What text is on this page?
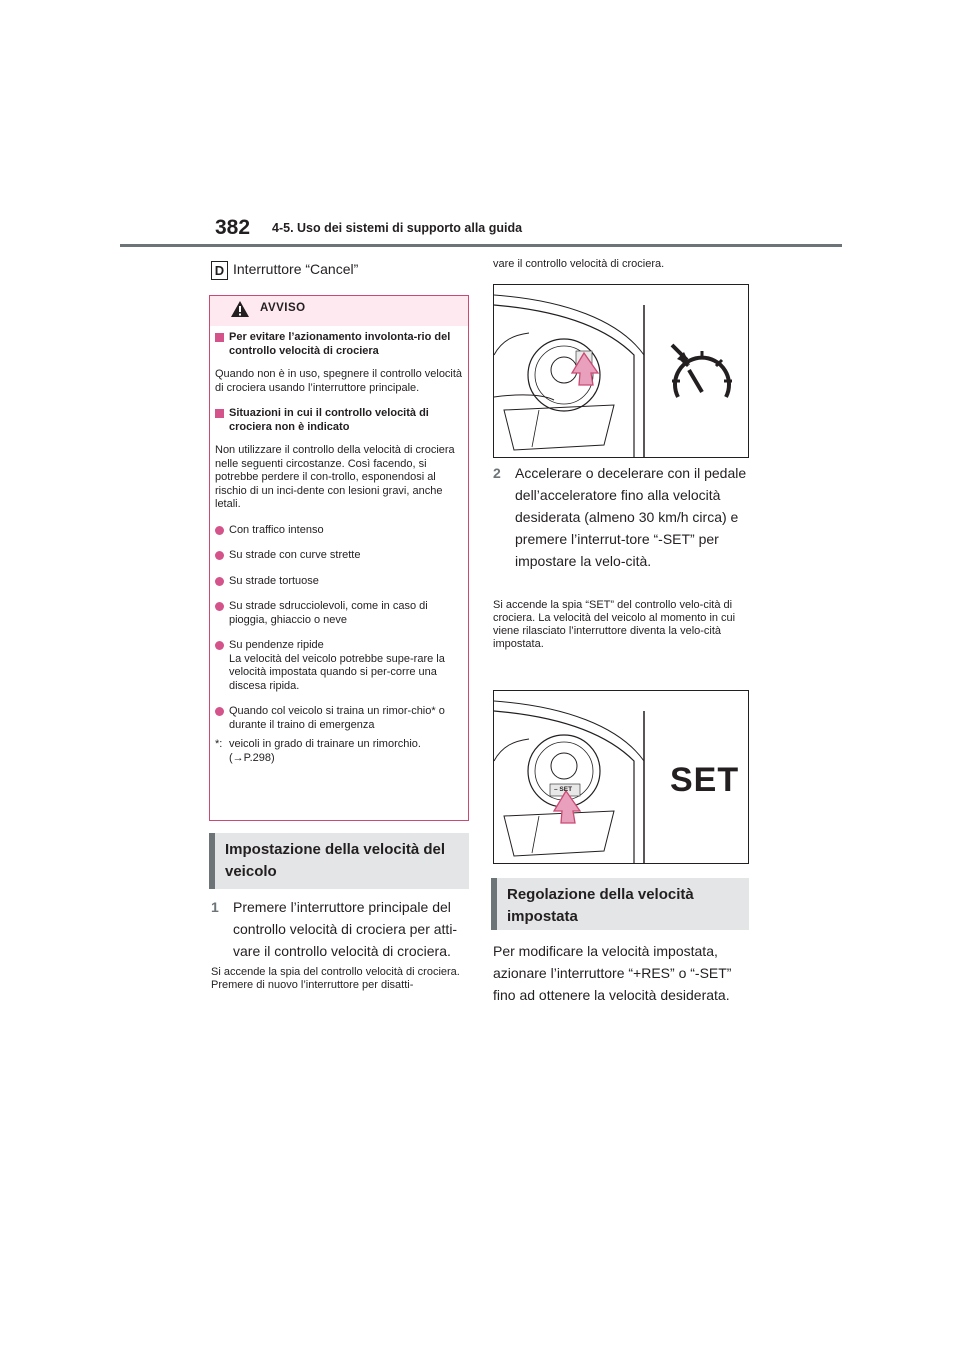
382 4-5. Uso dei sistemi di supporto alla guida
D Interruttore “Cancel”
AVVISO
Per evitare l’azionamento involonta-rio del controllo velocità di crociera
Quando non è in uso, spegnere il controllo velocità di crociera usando l’interruttore principale.
Situazioni in cui il controllo velocità di crociera non è indicato
Non utilizzare il controllo della velocità di crociera nelle seguenti circostanze. Così facendo, si potrebbe perdere il con-trollo, esponendosi al rischio di un inci-dente con lesioni gravi, anche letali.
Con traffico intenso
Su strade con curve strette
Su strade tortuose
Su strade sdrucciolevoli, come in caso di pioggia, ghiaccio o neve
Su pendenze ripide
La velocità del veicolo potrebbe supe-rare la velocità impostata quando si per-corre una discesa ripida.
Quando col veicolo si traina un rimor-chio* o durante il traino di emergenza
*: veicoli in grado di trainare un rimorchio.
(→P.298)
Impostazione della velocità del veicolo
1 Premere l’interruttore principale del controllo velocità di crociera per atti-vare il controllo velocità di crociera.
Si accende la spia del controllo velocità di crociera. Premere di nuovo l’interruttore per disatti-
vare il controllo velocità di crociera.
2 Accelerare o decelerare con il pedale dell’acceleratore fino alla velocità desiderata (almeno 30 km/h circa) e premere l’interrut-tore “-SET” per impostare la velo-cità.
Si accende la spia “SET” del controllo velo-cità di crociera. La velocità del veicolo al momento in cui viene rilasciato l’interruttore diventa la velo-cità impostata.
– SET	SET
Regolazione della velocità impostata
Per modificare la velocità impostata, azionare l’interruttore “+RES” o “-SET” fino ad ottenere la velocità desiderata.
